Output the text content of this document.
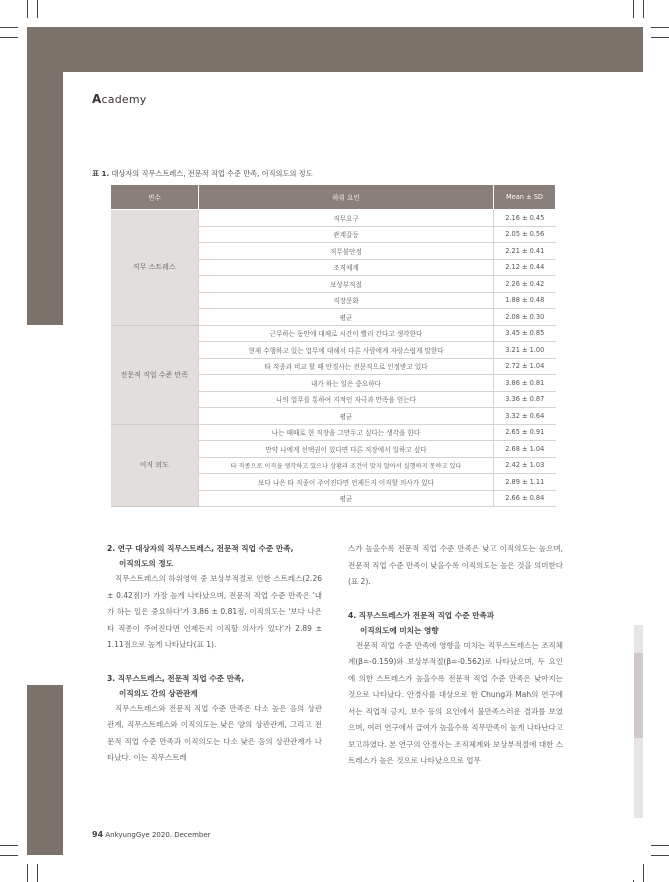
Academy
표 1. 대상자의 직무스트레스, 전문적 직업 수준 만족, 이직의도의 정도
변수	하위 요인	Mean ± SD
직무 스트레스	직무요구	2.16 ± 0.45
	관계갈등	2.05 ± 0.56
	직무불안정	2.21 ± 0.41
	조직체계	2.12 ± 0.44
	보상부적절	2.26 ± 0.42
	직장문화	1.88 ± 0.48
	평균	2.08 ± 0.30
전문적 직업 수준 만족	근무하는 동안에 대체로 시간이 빨리 간다고 생각한다	3.45 ± 0.85
	현재 수행하고 있는 업무에 대해서 다른 사람에게 자랑스럽게 말한다	3.21 ± 1.00
	타 직종과 비교 할 때 안경사는 전문직으로 인정받고 있다	2.72 ± 1.04
	내가 하는 일은 중요하다	3.86 ± 0.81
	나의 업무를 통하여 지적인 자극과 만족을 얻는다	3.36 ± 0.87
	평균	3.32 ± 0.64
이직 의도	나는 때때로 현 직장을 그만두고 싶다는 생각을 한다	2.65 ± 0.91
	만약 나에게 선택권이 있다면 다른 직장에서 일하고 싶다	2.68 ± 1.04
	타 직종으로 이직을 생각하고 있으나 상황과 조건이 맞지 않아서 실행하지 못하고 있다	2.42 ± 1.03
	보다 나은 타 직종이 주어진다면 언제든지 이직할 의사가 있다	2.89 ± 1.11
	평균	2.66 ± 0.84
2. 연구 대상자의 직무스트레스, 전문적 직업 수준 만족,
이직의도의 정도

직무스트레스의 하위영역 중 보상부적절로 인한 스트레스(2.26 ± 0.42점)가 가장 높게 나타났으며, 전문적 직업 수준 만족은 '내가 하는 일은 중요하다'가 3.86 ± 0.81점, 이직의도는 '보다 나은 타 직종이 주어진다면 언제든지 이직할 의사가 있다'가 2.89 ± 1.11점으로 높게 나타났다(표 1).

3. 직무스트레스, 전문적 직업 수준 만족,
이직의도 간의 상관관계

직무스트레스와 전문적 직업 수준 만족은 다소 높은 음의 상관관계, 직무스트레스와 이직의도는 낮은 양의 상관관계, 그리고 전문적 직업 수준 만족과 이직의도는 다소 낮은 음의 상관관계가 나타났다. 이는 직무스트레

스가 높을수록 전문적 직업 수준 만족은 낮고 이직의도는 높으며, 전문적 직업 수준 만족이 낮을수록 이직의도는 높은 것을 의미한다(표 2).

4. 직무스트레스가 전문적 직업 수준 만족과
이직의도에 미치는 영향

전문적 직업 수준 만족에 영향을 미치는 직무스트레스는 조직체계(β=-0.159)와 보상부적절(β=-0.562)로 나타났으며, 두 요인에 의한 스트레스가 높을수록 전문적 직업 수준 만족은 낮아지는 것으로 나타났다. 안경사를 대상으로 한 Chung과 Mah의 연구에서는 직업적 긍지, 보수 등의 요인에서 불만족스러운 결과를 보였으며, 여러 연구에서 급여가 높을수록 직무만족이 높게 나타난다고 보고하였다. 본 연구의 안경사는 조직체계와 보상부적절에 대한 스트레스가 높은 것으로 나타났으므로 업무

94 AnkyungGye 2020. December
